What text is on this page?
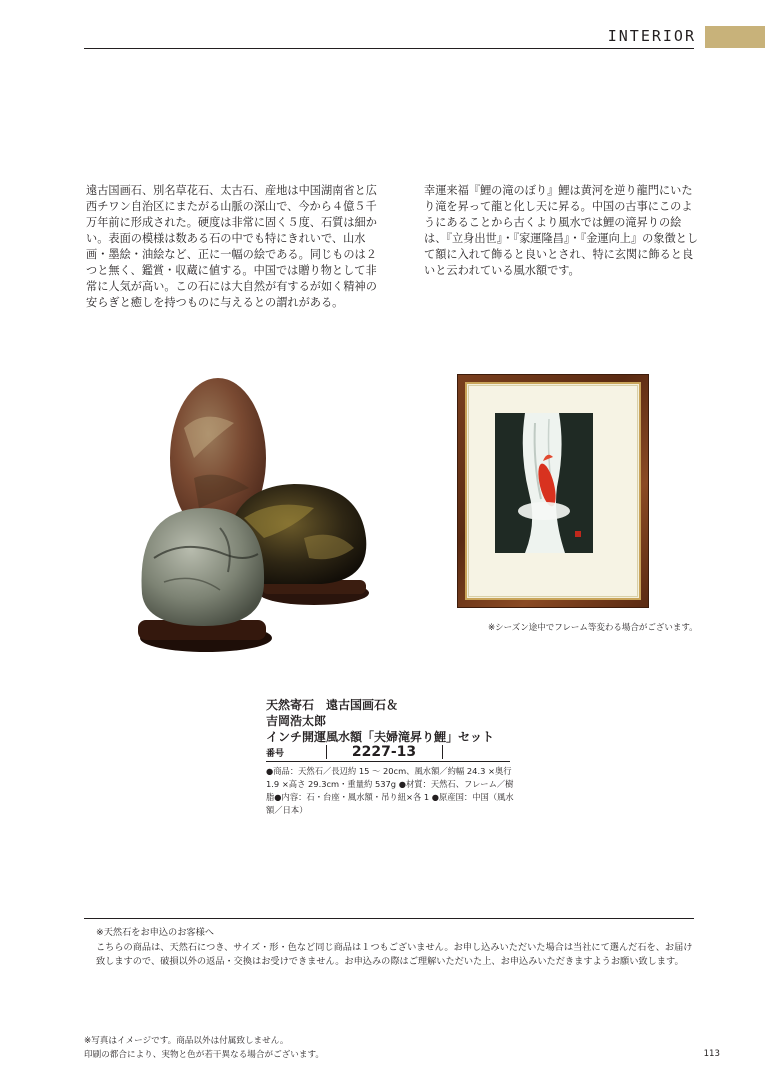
INTERIOR
遠古国画石、別名草花石、太古石、産地は中国湖南省と広西チワン自治区にまたがる山脈の深山で、今から４億５千万年前に形成された。硬度は非常に固く５度、石質は細かい。表面の模様は数ある石の中でも特にきれいで、山水画・墨絵・油絵など、正に一幅の絵である。同じものは２つと無く、鑑賞・収蔵に値する。中国では贈り物として非常に人気が高い。この石には大自然が有するが如く精神の安らぎと癒しを持つものに与えるとの謂れがある。
幸運来福『鯉の滝のぼり』鯉は黄河を逆り龍門にいたり滝を昇って龍と化し天に昇る。中国の古事にこのようにあることから古くより風水では鯉の滝昇りの絵は、『立身出世』・『家運隆昌』・『金運向上』の象徴として額に入れて飾ると良いとされ、特に玄関に飾ると良いと云われている風水額です。
※シーズン途中でフレーム等変わる場合がございます。
天然寄石　遠古国画石＆
吉岡浩太郎
インチ開運風水額「夫婦滝昇り鯉」セット
番号	2227-13
●商品：天然石／長辺約 15 ～ 20cm、風水額／約幅 24.3 ×奥行 1.9 ×高さ 29.3cm・重量約 537g ●材質：天然石、フレーム／樹脂●内容：石・台座・風水額・吊り紐×各 1 ●原産国：中国（風水額／日本）
※天然石をお申込のお客様へ
こちらの商品は、天然石につき、サイズ・形・色など同じ商品は１つもございません。お申し込みいただいた場合は当社にて選んだ石を、お届け致しますので、破損以外の返品・交換はお受けできません。お申込みの際はご理解いただいた上、お申込みいただきますようお願い致します。
※写真はイメージです。商品以外は付属致しません。
印刷の都合により、実物と色が若干異なる場合がございます。	113
